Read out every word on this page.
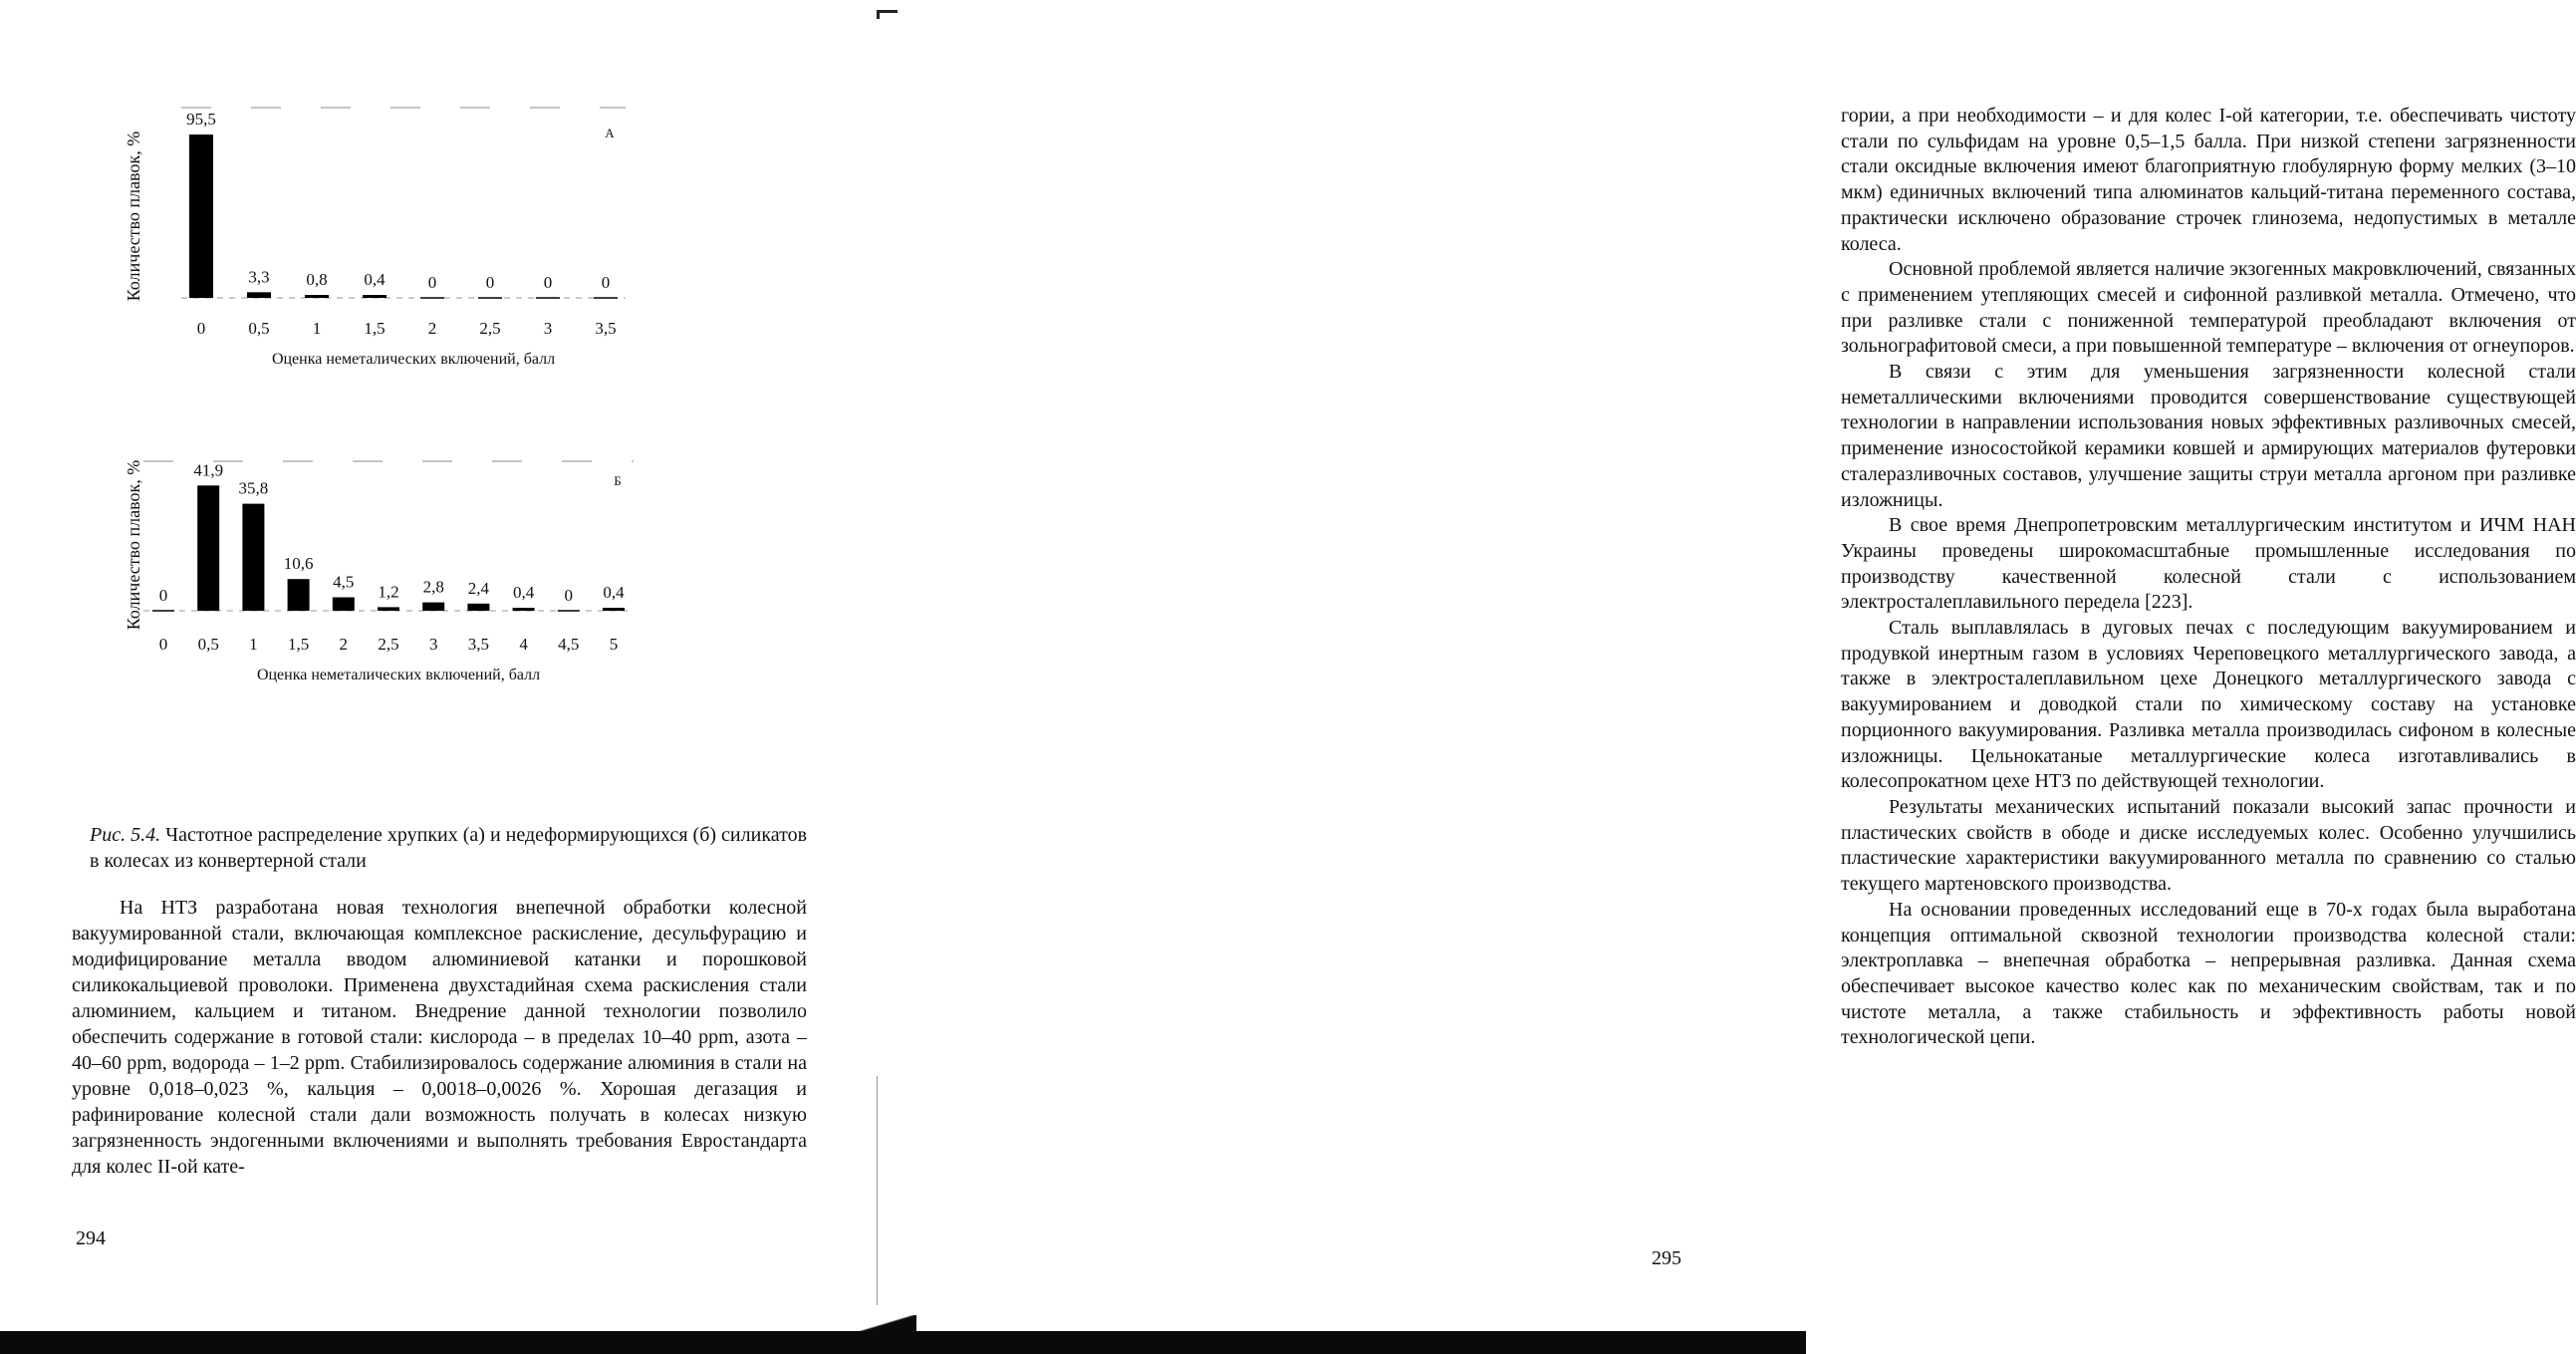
95,5
0
3,3
0,5
0,8
1
0,4
1,5
0
2
0
2,5
0
3
0
3,5
Оценка неметалических включений, балл
Количество плавок, %	А
0
0
41,9
0,5
35,8
1
10,6
1,5
4,5
2
1,2
2,5
2,8
3
2,4
3,5
0,4
4
0
4,5
0,4
5
Оценка неметалических включений, балл
Количество плавок, %	Б
Рис. 5.4. Частотное распределение хрупких (а) и недеформирующихся (б) силикатов в колесах из конвертерной стали

На НТЗ разработана новая технология внепечной обработки колесной вакуумированной стали, включающая комплексное раскисление, десульфурацию и модифицирование металла вводом алюминиевой катанки и порошковой силикокальциевой проволоки. Применена двухстадийная схема раскисления стали алюминием, кальцием и титаном. Внедрение данной технологии позволило обеспечить содержание в готовой стали: кислорода – в пределах 10–40 ppm, азота – 40–60 ppm, водорода – 1–2 ppm. Стабилизировалось содержание алюминия в стали на уровне 0,018–0,023 %, кальция – 0,0018–0,0026 %. Хорошая дегазация и рафинирование колесной стали дали возможность получать в колесах низкую загрязненность эндогенными включениями и выполнять требования Евростандарта для колес II-ой кате-

294

гории, а при необходимости – и для колес I-ой категории, т.е. обеспечивать чистоту стали по сульфидам на уровне 0,5–1,5 балла. При низкой степени загрязненности стали оксидные включения имеют благоприятную глобулярную форму мелких (3–10 мкм) единичных включений типа алюминатов кальций-титана переменного состава, практически исключено образование строчек глинозема, недопустимых в металле колеса.

Основной проблемой является наличие экзогенных макровключений, связанных с применением утепляющих смесей и сифонной разливкой металла. Отмечено, что при разливке стали с пониженной температурой преобладают включения от зольнографитовой смеси, а при повышенной температуре – включения от огнеупоров.

В связи с этим для уменьшения загрязненности колесной стали неметаллическими включениями проводится совершенствование существующей технологии в направлении использования новых эффективных разливочных смесей, применение износостойкой керамики ковшей и армирующих материалов футеровки сталеразливочных составов, улучшение защиты струи металла аргоном при разливке изложницы.

В свое время Днепропетровским металлургическим институтом и ИЧМ НАН Украины проведены широкомасштабные промышленные исследования по производству качественной колесной стали с использованием электросталеплавильного передела [223].

Сталь выплавлялась в дуговых печах с последующим вакуумированием и продувкой инертным газом в условиях Череповецкого металлургического завода, а также в электросталеплавильном цехе Донецкого металлургического завода с вакуумированием и доводкой стали по химическому составу на установке порционного вакуумирования. Разливка металла производилась сифоном в колесные изложницы. Цельнокатаные металлургические колеса изготавливались в колесопрокатном цехе НТЗ по действующей технологии.

Результаты механических испытаний показали высокий запас прочности и пластических свойств в ободе и диске исследуемых колес. Особенно улучшились пластические характеристики вакуумированного металла по сравнению со сталью текущего мартеновского производства.

На основании проведенных исследований еще в 70-х годах была выработана концепция оптимальной сквозной технологии производства колесной стали: электроплавка – внепечная обработка – непрерывная разливка. Данная схема обеспечивает высокое качество колес как по механическим свойствам, так и по чистоте металла, а также стабильность и эффективность работы новой технологической цепи.

295
